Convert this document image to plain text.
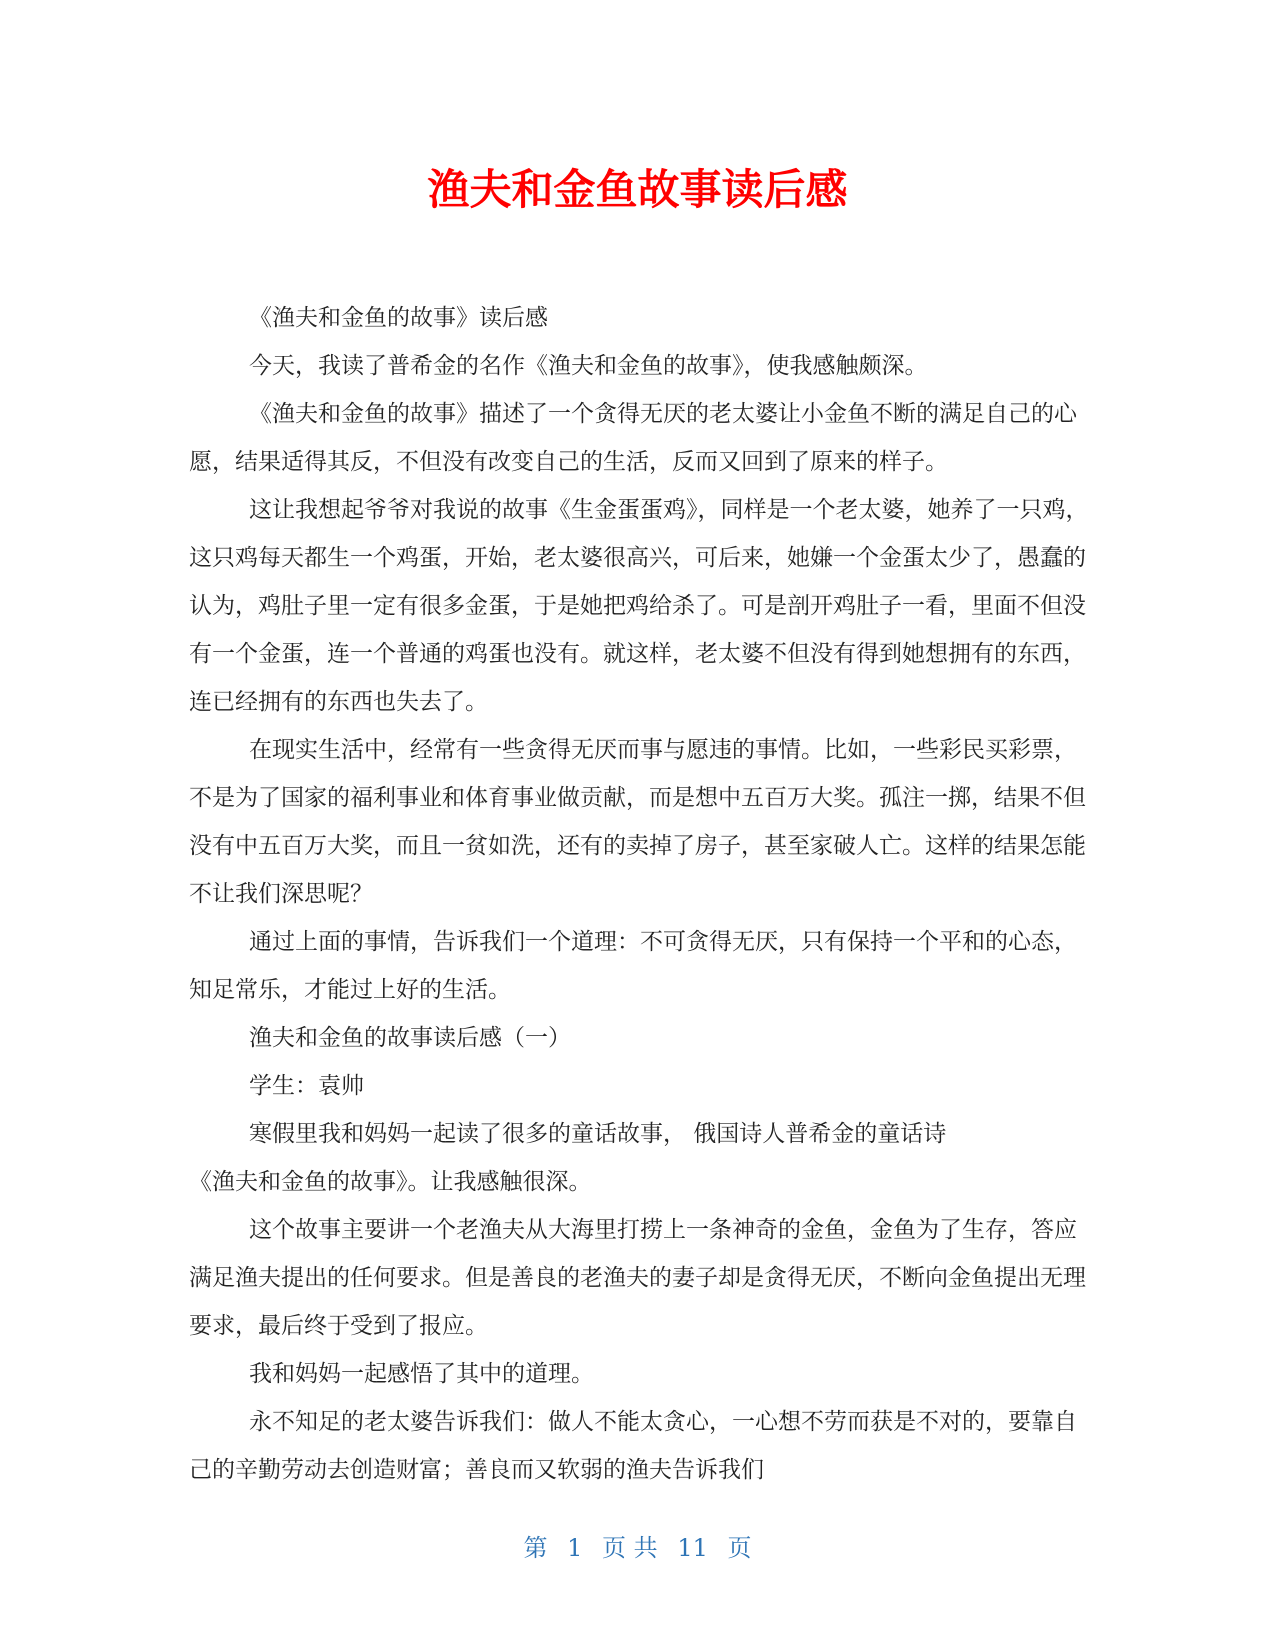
渔夫和金鱼故事读后感

《渔夫和金鱼的故事》读后感

今天，我读了普希金的名作《渔夫和金鱼的故事》，使我感触颇深。

《渔夫和金鱼的故事》描述了一个贪得无厌的老太婆让小金鱼不断的满足自己的心愿，结果适得其反，不但没有改变自己的生活，反而又回到了原来的样子。

这让我想起爷爷对我说的故事《生金蛋蛋鸡》，同样是一个老太婆，她养了一只鸡，这只鸡每天都生一个鸡蛋，开始，老太婆很高兴，可后来，她嫌一个金蛋太少了，愚蠢的认为，鸡肚子里一定有很多金蛋，于是她把鸡给杀了。可是剖开鸡肚子一看，里面不但没有一个金蛋，连一个普通的鸡蛋也没有。就这样，老太婆不但没有得到她想拥有的东西，连已经拥有的东西也失去了。

在现实生活中，经常有一些贪得无厌而事与愿违的事情。比如，一些彩民买彩票，不是为了国家的福利事业和体育事业做贡献，而是想中五百万大奖。孤注一掷，结果不但没有中五百万大奖，而且一贫如洗，还有的卖掉了房子，甚至家破人亡。这样的结果怎能不让我们深思呢？

通过上面的事情，告诉我们一个道理：不可贪得无厌，只有保持一个平和的心态，知足常乐，才能过上好的生活。

渔夫和金鱼的故事读后感（一）

学生：袁帅

寒假里我和妈妈一起读了很多的童话故事， 俄国诗人普希金的童话诗

《渔夫和金鱼的故事》。让我感触很深。

这个故事主要讲一个老渔夫从大海里打捞上一条神奇的金鱼，金鱼为了生存，答应满足渔夫提出的任何要求。但是善良的老渔夫的妻子却是贪得无厌，不断向金鱼提出无理要求，最后终于受到了报应。

我和妈妈一起感悟了其中的道理。

永不知足的老太婆告诉我们：做人不能太贪心，一心想不劳而获是不对的，要靠自己的辛勤劳动去创造财富；善良而又软弱的渔夫告诉我们

第 1 页 共 11 页
